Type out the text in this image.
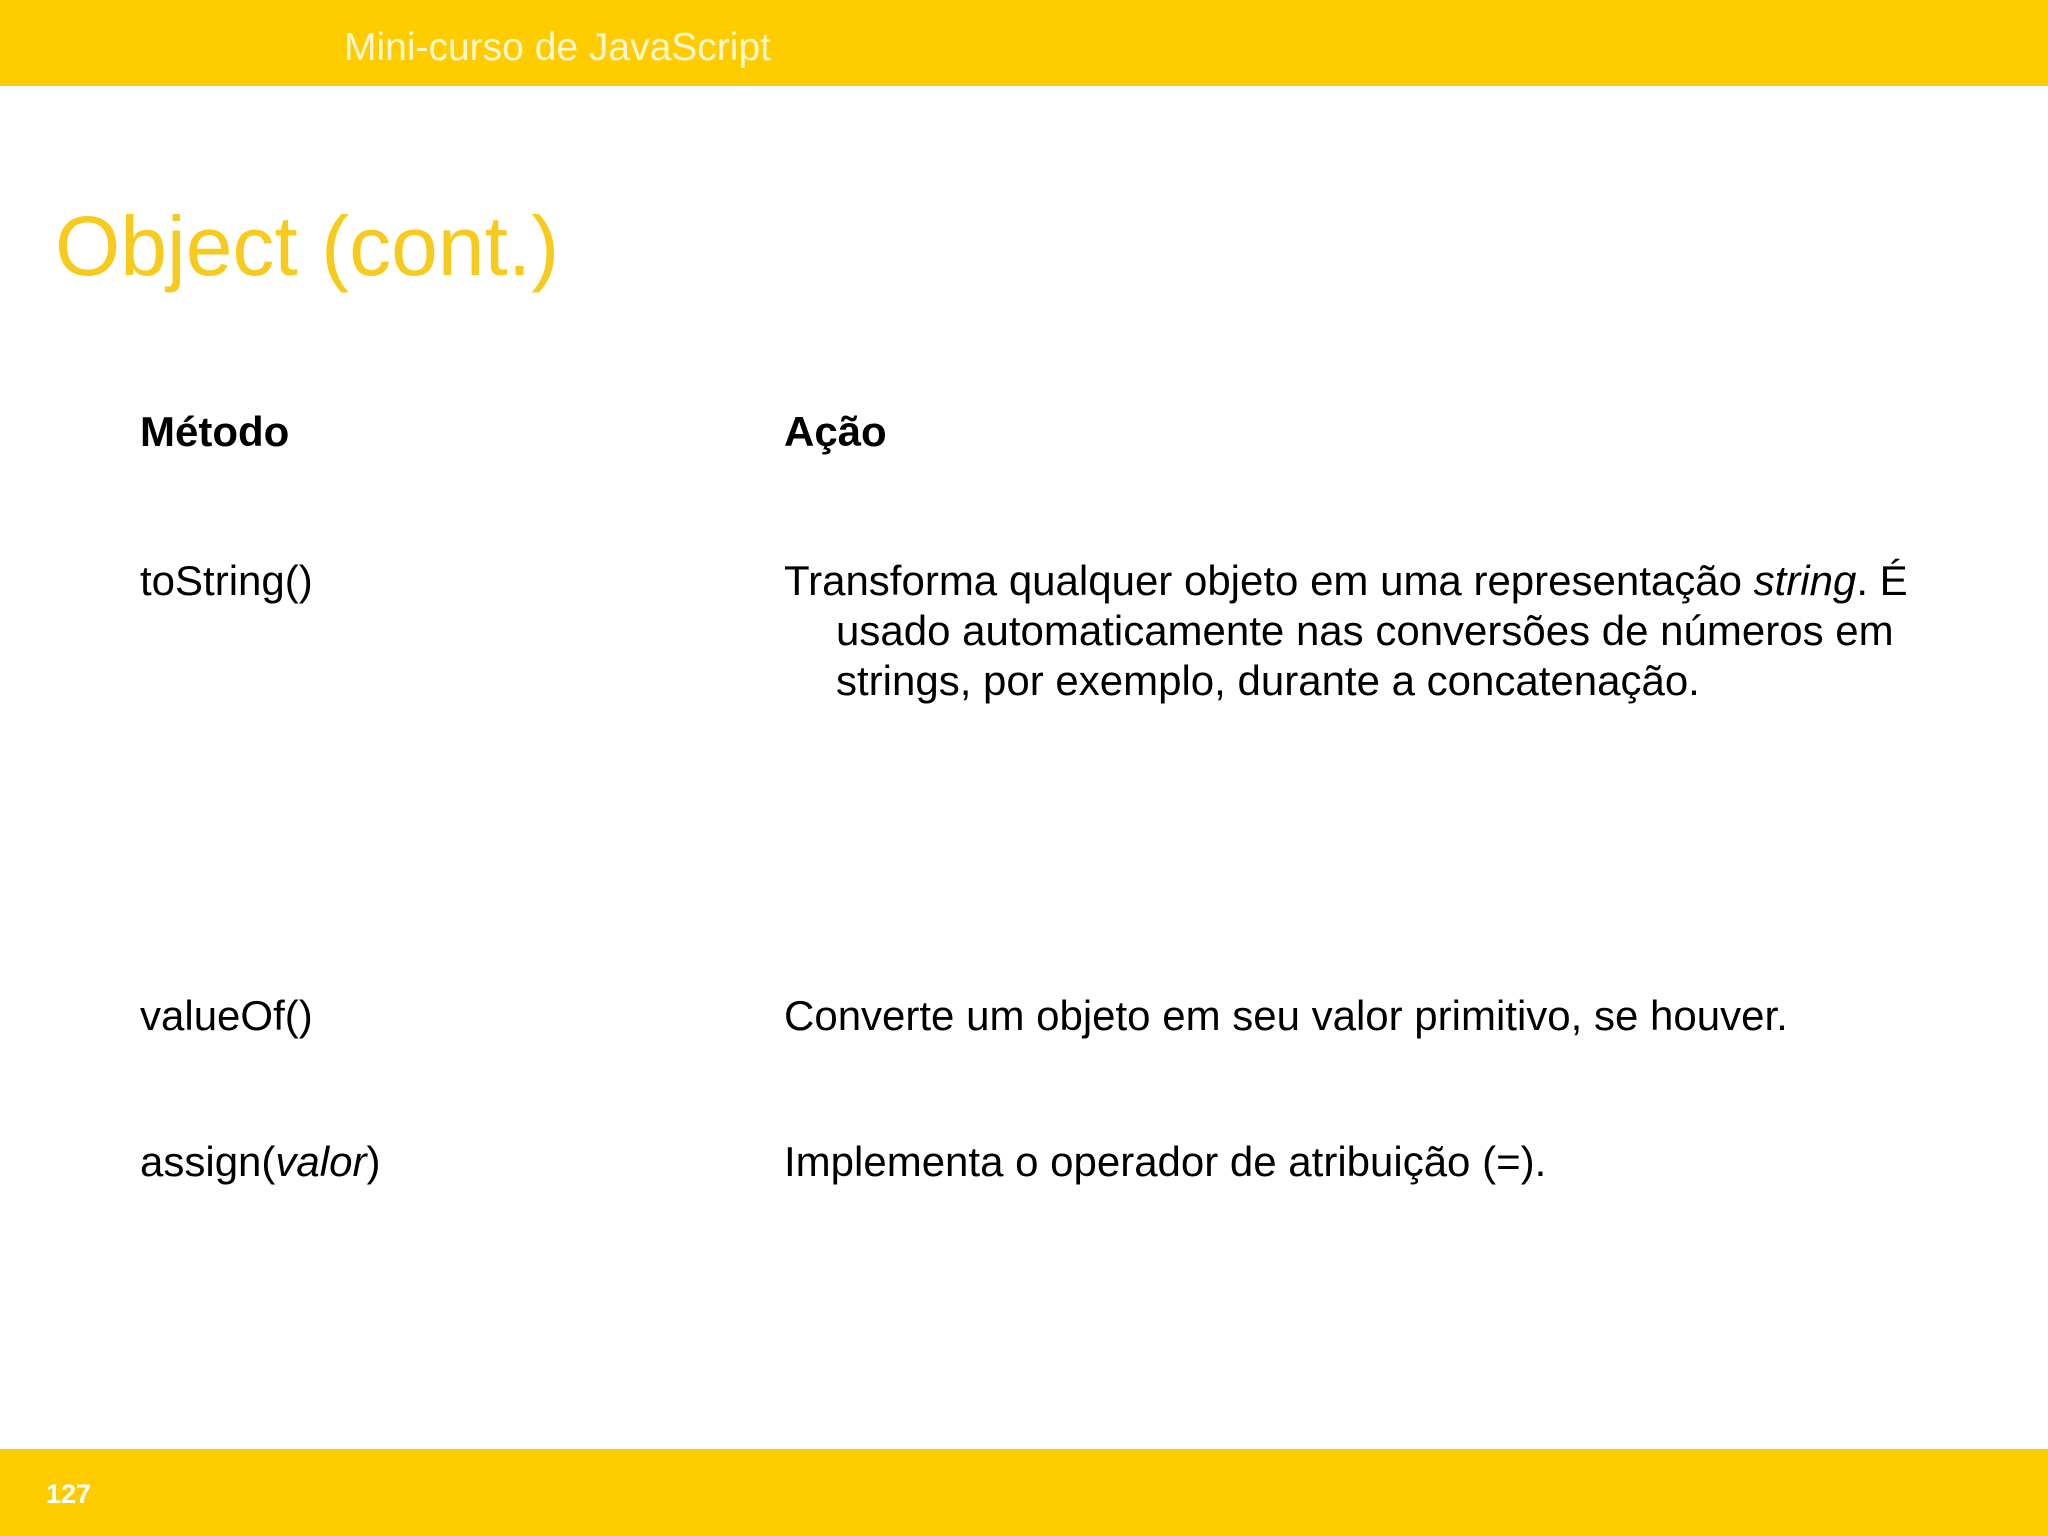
Mini-curso de JavaScript
Object (cont.)
Método	Ação
toString()	Transforma qualquer objeto em uma representação string. É usado automaticamente nas conversões de números em strings, por exemplo, durante a concatenação.
valueOf()	Converte um objeto em seu valor primitivo, se houver.
assign(valor)	Implementa o operador de atribuição (=).
127
